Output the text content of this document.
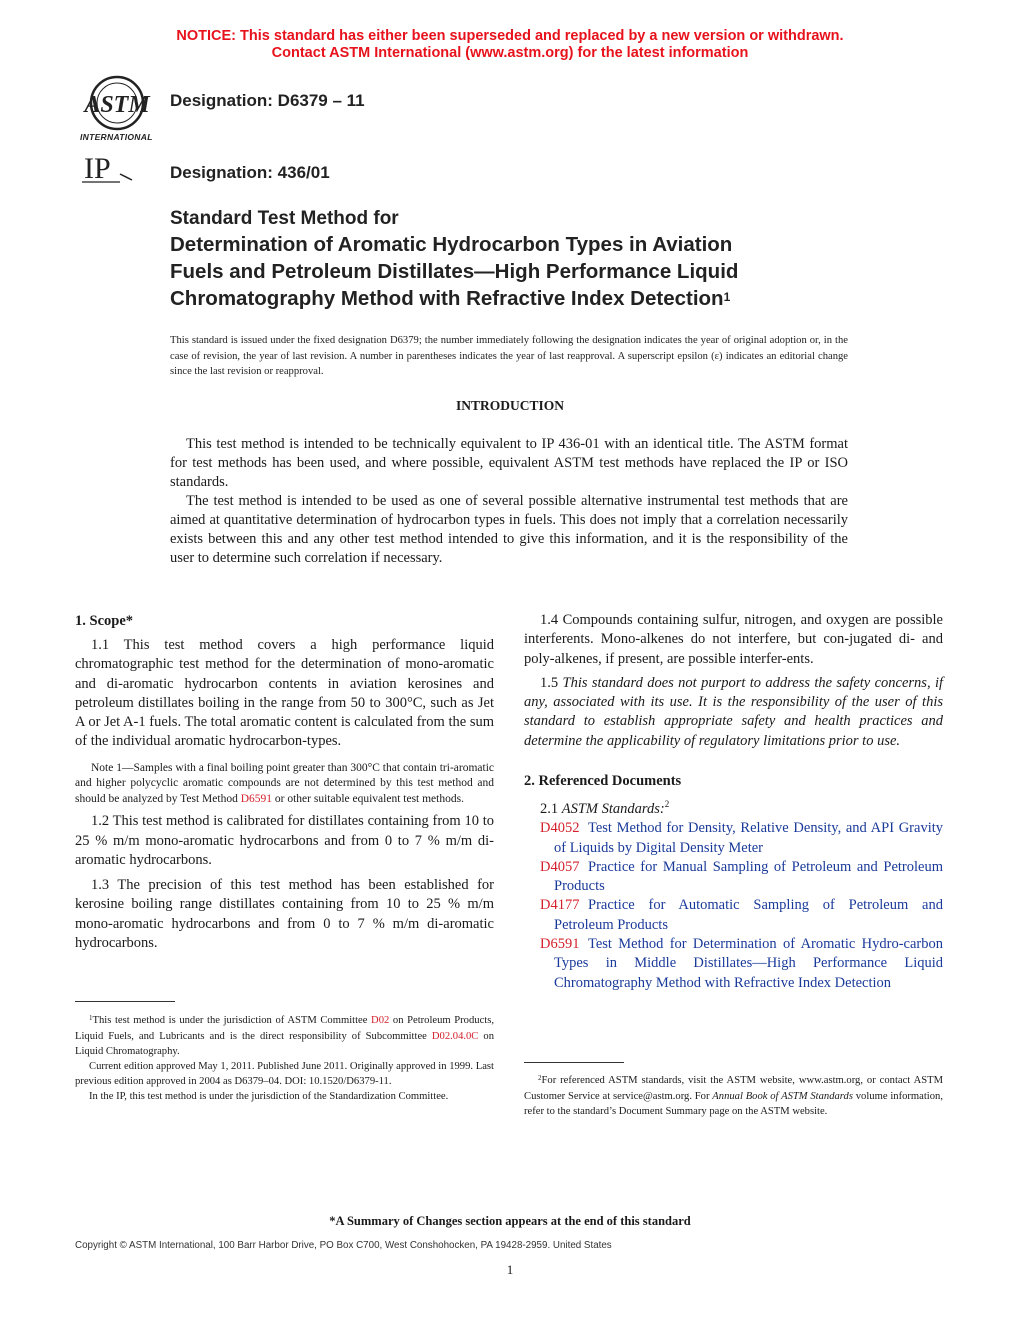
NOTICE: This standard has either been superseded and replaced by a new version or withdrawn.
Contact ASTM International (www.astm.org) for the latest information
ASTM
INTERNATIONAL
Designation: D6379 – 11
IP	Designation: 436/01
Standard Test Method for
Determination of Aromatic Hydrocarbon Types in Aviation
Fuels and Petroleum Distillates—High Performance Liquid
Chromatography Method with Refractive Index Detection$^1$
This standard is issued under the fixed designation D6379; the number immediately following the designation indicates the year of original adoption or, in the case of revision, the year of last revision. A number in parentheses indicates the year of last reapproval. A superscript epsilon (ε) indicates an editorial change since the last revision or reapproval.
INTRODUCTION

This test method is intended to be technically equivalent to IP 436-01 with an identical title. The ASTM format for test methods has been used, and where possible, equivalent ASTM test methods have replaced the IP or ISO standards.

The test method is intended to be used as one of several possible alternative instrumental test methods that are aimed at quantitative determination of hydrocarbon types in fuels. This does not imply that a correlation necessarily exists between this and any other test method intended to give this information, and it is the responsibility of the user to determine such correlation if necessary.

1. Scope*

1.1 This test method covers a high performance liquid chromatographic test method for the determination of mono-aromatic and di-aromatic hydrocarbon contents in aviation kerosines and petroleum distillates boiling in the range from 50 to 300°C, such as Jet A or Jet A-1 fuels. The total aromatic content is calculated from the sum of the individual aromatic hydrocarbon-types.

Note 1—Samples with a final boiling point greater than 300°C that contain tri-aromatic and higher polycyclic aromatic compounds are not determined by this test method and should be analyzed by Test Method D6591 or other suitable equivalent test methods.

1.2 This test method is calibrated for distillates containing from 10 to 25 % m/m mono-aromatic hydrocarbons and from 0 to 7 % m/m di-aromatic hydrocarbons.

1.3 The precision of this test method has been established for kerosine boiling range distillates containing from 10 to 25 % m/m mono-aromatic hydrocarbons and from 0 to 7 % m/m di-aromatic hydrocarbons.

$^1$This test method is under the jurisdiction of ASTM Committee D02 on Petroleum Products, Liquid Fuels, and Lubricants and is the direct responsibility of Subcommittee D02.04.0C on Liquid Chromatography.

Current edition approved May 1, 2011. Published June 2011. Originally approved in 1999. Last previous edition approved in 2004 as D6379–04. DOI: 10.1520/D6379-11.

In the IP, this test method is under the jurisdiction of the Standardization Committee.

1.4 Compounds containing sulfur, nitrogen, and oxygen are possible interferents. Mono-alkenes do not interfere, but con-jugated di- and poly-alkenes, if present, are possible interfer-ents.

1.5 This standard does not purport to address the safety concerns, if any, associated with its use. It is the responsibility of the user of this standard to establish appropriate safety and health practices and determine the applicability of regulatory limitations prior to use.

2. Referenced Documents
2.1 ASTM Standards:$^2$
D4052 Test Method for Density, Relative Density, and API Gravity of Liquids by Digital Density Meter
D4057 Practice for Manual Sampling of Petroleum and Petroleum Products
D4177 Practice for Automatic Sampling of Petroleum and Petroleum Products
D6591 Test Method for Determination of Aromatic Hydro-carbon Types in Middle Distillates—High Performance Liquid Chromatography Method with Refractive Index Detection

$^2$For referenced ASTM standards, visit the ASTM website, www.astm.org, or contact ASTM Customer Service at service@astm.org. For Annual Book of ASTM Standards volume information, refer to the standard’s Document Summary page on the ASTM website.

*A Summary of Changes section appears at the end of this standard
Copyright © ASTM International, 100 Barr Harbor Drive, PO Box C700, West Conshohocken, PA 19428-2959. United States
1
